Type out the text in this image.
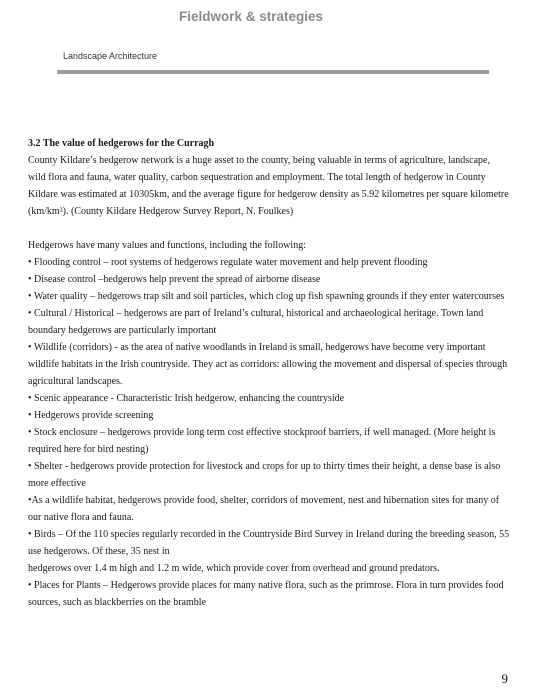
Fieldwork & strategies
Landscape Architecture
3.2 The value of hedgerows for the Curragh
County Kildare’s hedgerow network is a huge asset to the county, being valuable in terms of agriculture, landscape,
wild flora and fauna, water quality, carbon sequestration and employment. The total length of hedgerow in County
Kildare was estimated at 10305km, and the average figure for hedgerow density as 5.92 kilometres per square kilometre
(km/km²). (County Kildare Hedgerow Survey Report, N. Foulkes)
Hedgerows have many values and functions, including the following:
• Flooding control – root systems of hedgerows regulate water movement and help prevent flooding
• Disease control –hedgerows help prevent the spread of airborne disease
• Water quality – hedgerows trap silt and soil particles, which clog up fish spawning grounds if they enter watercourses
• Cultural / Historical – hedgerows are part of Ireland’s cultural, historical and archaeological heritage. Town land
boundary hedgerows are particularly important
• Wildlife (corridors) - as the area of native woodlands in Ireland is small, hedgerows have become very important
wildlife habitats in the Irish countryside. They act as corridors: allowing the movement and dispersal of species through
agricultural landscapes.
• Scenic appearance - Characteristic Irish hedgerow, enhancing the countryside
• Hedgerows provide screening
• Stock enclosure – hedgerows provide long term cost effective stockproof barriers, if well managed. (More height is
required here for bird nesting)
• Shelter - hedgerows provide protection for livestock and crops for up to thirty times their height, a dense base is also
more effective
•As a wildlife habitat, hedgerows provide food, shelter, corridors of movement, nest and hibernation sites for many of
our native flora and fauna.
• Birds – Of the 110 species regularly recorded in the Countryside Bird Survey in Ireland during the breeding season, 55
use hedgerows. Of these, 35 nest in
hedgerows over 1.4 m high and 1.2 m wide, which provide cover from overhead and ground predators.
• Places for Plants – Hedgerows provide places for many native flora, such as the primrose. Flora in turn provides food
sources, such as blackberries on the bramble
9
